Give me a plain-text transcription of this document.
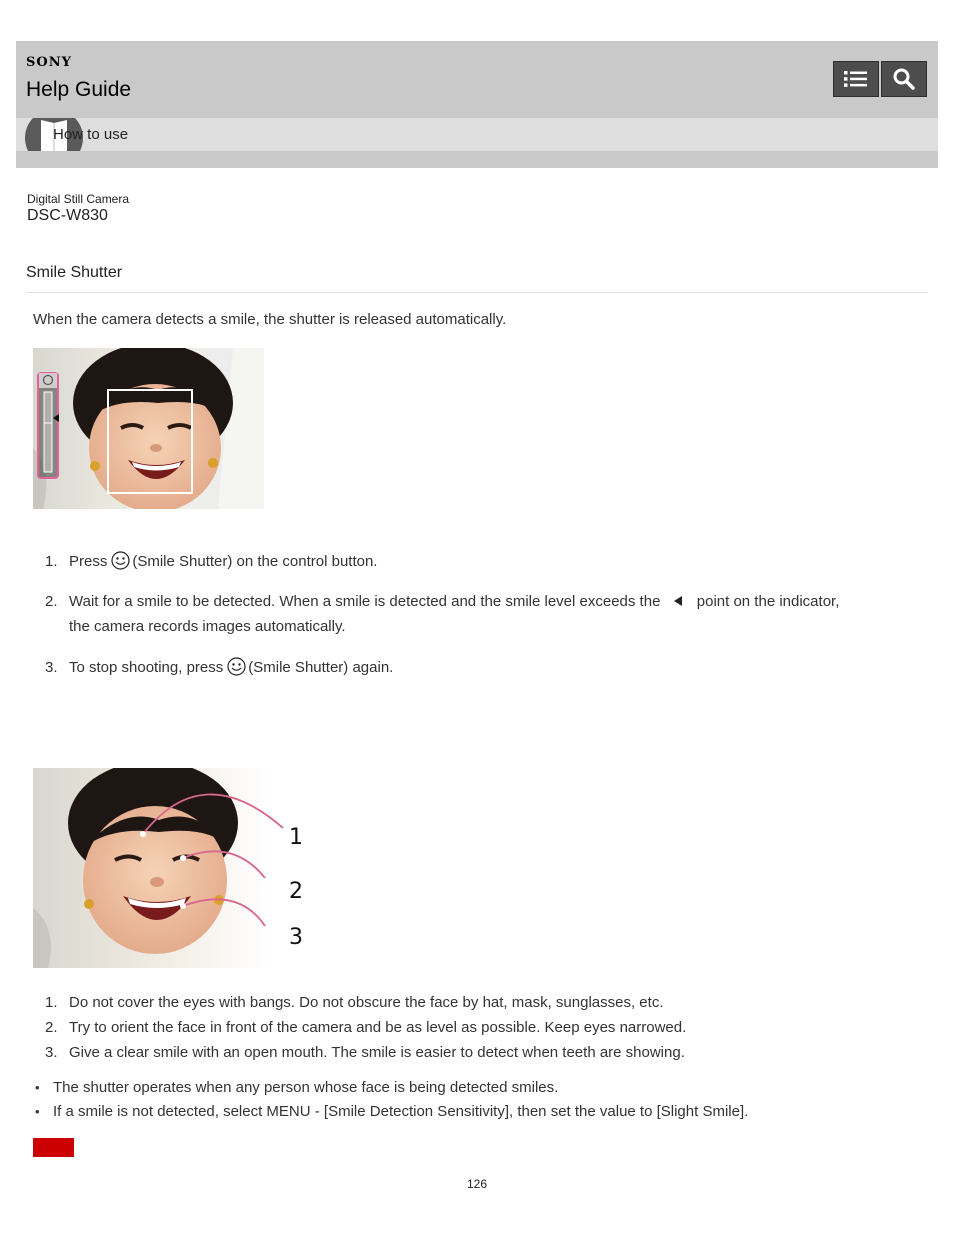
SONY
Help Guide
How to use
Digital Still Camera
DSC-W830
Smile Shutter
When the camera detects a smile, the shutter is released automatically.
1. Press (Smile Shutter) on the control button.
2. Wait for a smile to be detected. When a smile is detected and the smile level exceeds the point on the indicator,
the camera records images automatically.
3. To stop shooting, press (Smile Shutter) again.
1
2
3
1. Do not cover the eyes with bangs. Do not obscure the face by hat, mask, sunglasses, etc.
2. Try to orient the face in front of the camera and be as level as possible. Keep eyes narrowed.
3. Give a clear smile with an open mouth. The smile is easier to detect when teeth are showing.
• The shutter operates when any person whose face is being detected smiles.
• If a smile is not detected, select MENU - [Smile Detection Sensitivity], then set the value to [Slight Smile].
126
